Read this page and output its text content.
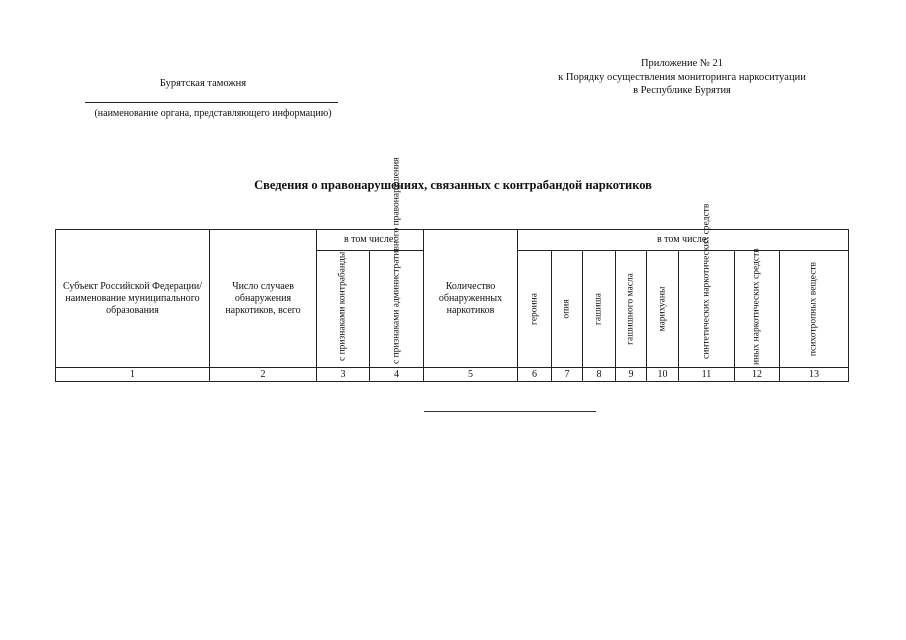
Бурятская таможня
(наименование органа, представляющего информацию)
Приложение № 21
к Порядку осуществления мониторинга наркоситуации
в Республике Бурятия
Сведения о правонарушениях, связанных с контрабандой наркотиков
Субъект Российской Федерации/ наименование муниципального образования	Число случаев обнаружения наркотиков, всего	в том числе:		Количество обнаруженных наркотиков	в том числе:							

		с признаками контрабанды	с признаками административного правонарушения		героина	опия	гашиша	гашишного масла	марихуаны	синтетических наркотических средств	иных наркотических средств	психотропных веществ

1	2	3	4	5	6	7	8	9	10	11	12	13
